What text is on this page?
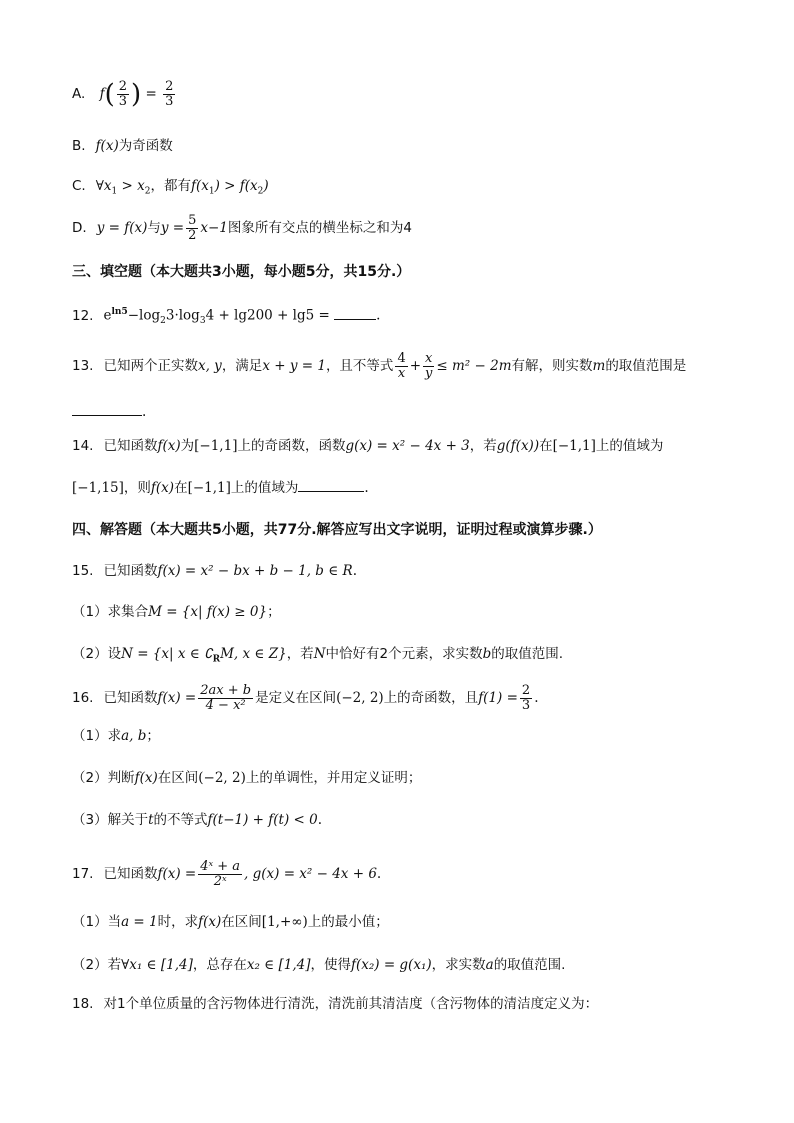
A. $f( \frac{2}{3}$ ) = $\frac{2}{3}$
B. f(x)为奇函数
C. $\forall x_1 > x_2$，都有$f(x_1) > f(x_2)$
D. y = f(x)与$y = \frac{5}{2} x-1$图象所有交点的横坐标之和为4
三、填空题（本大题共3小题，每小题5分，共15分.）
12. $e^{ln5}-\log_23\cdot\log_34 + \lg 200 + \lg 5$ =	.
13. 已知两个正实数x, y，满足x + y = 1，且不等式 $\frac{4}{x} + \frac{x}{y} \le m^2 - 2m$有解，则实数m的取值范围是
.
14. 已知函数f(x)为[−1,1]上的奇函数，函数g(x) = x² − 4x + 3，若g(f(x))在[−1,1]上的值域为
[−1,15]，则f(x)在[−1,1]上的值域为	.
四、解答题（本大题共5小题，共77分.解答应写出文字说明，证明过程或演算步骤.）
15. 已知函数f(x) = x² − bx + b − 1, b ∈ R.
（1）求集合M = {x| f(x) ≥ 0}；
（2）设N = {x| x ∈ $∁_RM$, x ∈ Z}，若N中恰好有2个元素，求实数b的取值范围.
16. 已知函数$f(x) = \frac{2ax + b}{\text{4 − x²}}$ 是定义在区间(−2, 2)上的奇函数，且$f(1) = \frac{2}{3}$ .
（1）求a, b；
（2）判断f(x)在区间(−2, 2)上的单调性，并用定义证明；
（3）解关于t的不等式f(t−1) + f(t) < 0.
17. 已知函数$f(x) = \frac{\text{4ˣ + a}}{\text{2ˣ}}$ , g(x) = x² − 4x + 6.
（1）当a = 1时，求f(x)在区间[1,+∞)上的最小值；
（2）若∀x₁ ∈ [1,4]，总存在x₂ ∈ [1,4]，使得f(x₂) = g(x₁)，求实数a的取值范围.
18. 对1个单位质量的含污物体进行清洗，清洗前其清洁度（含污物体的清洁度定义为：
